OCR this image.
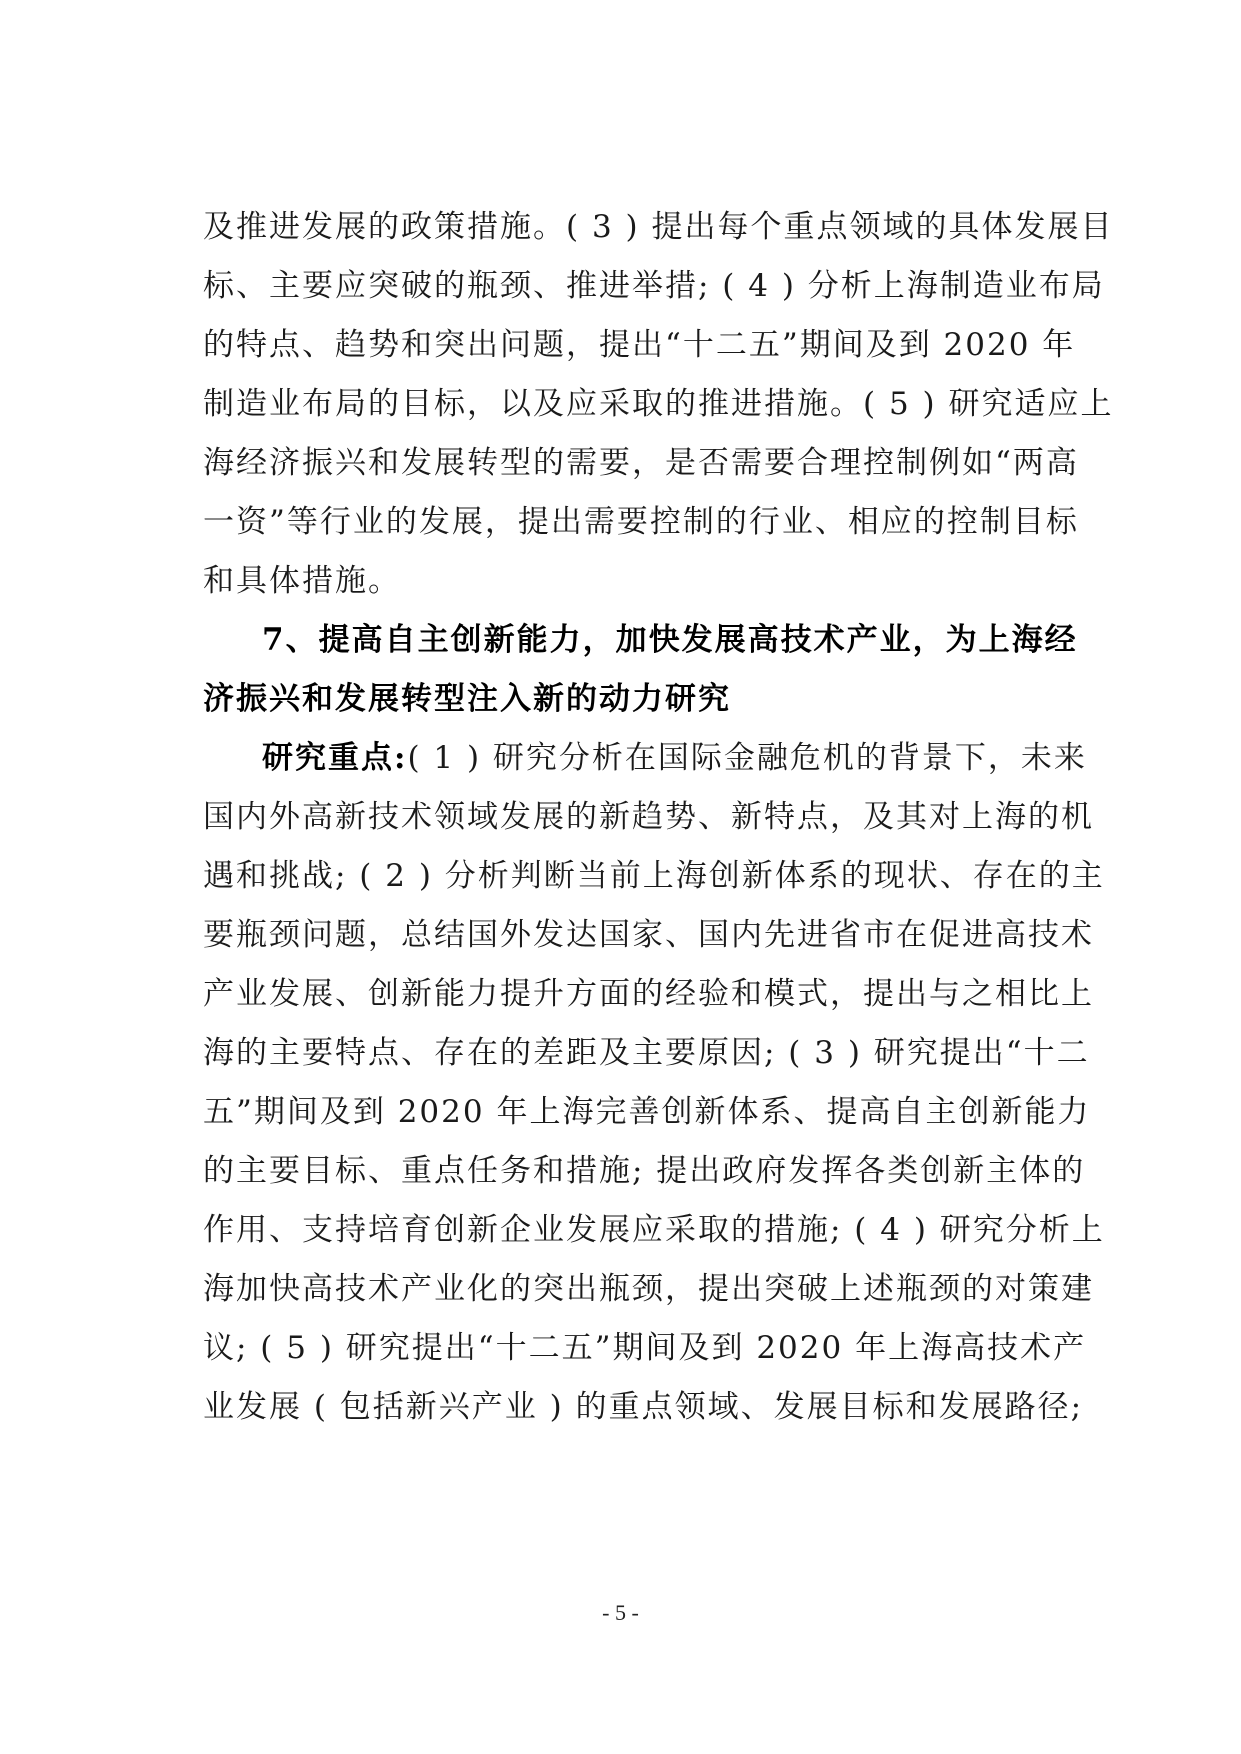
及推进发展的政策措施。( 3 ) 提出每个重点领域的具体发展目
标、主要应突破的瓶颈、推进举措; ( 4 ) 分析上海制造业布局
的特点、趋势和突出问题，提出“十二五”期间及到 2020 年
制造业布局的目标，以及应采取的推进措施。( 5 ) 研究适应上
海经济振兴和发展转型的需要，是否需要合理控制例如“两高
一资”等行业的发展，提出需要控制的行业、相应的控制目标
和具体措施。
7、提高自主创新能力，加快发展高技术产业，为上海经
济振兴和发展转型注入新的动力研究
研究重点:( 1 ) 研究分析在国际金融危机的背景下，未来
国内外高新技术领域发展的新趋势、新特点，及其对上海的机
遇和挑战; ( 2 ) 分析判断当前上海创新体系的现状、存在的主
要瓶颈问题，总结国外发达国家、国内先进省市在促进高技术
产业发展、创新能力提升方面的经验和模式，提出与之相比上
海的主要特点、存在的差距及主要原因; ( 3 ) 研究提出“十二
五”期间及到 2020 年上海完善创新体系、提高自主创新能力
的主要目标、重点任务和措施; 提出政府发挥各类创新主体的
作用、支持培育创新企业发展应采取的措施; ( 4 ) 研究分析上
海加快高技术产业化的突出瓶颈，提出突破上述瓶颈的对策建
议; ( 5 ) 研究提出“十二五”期间及到 2020 年上海高技术产
业发展 ( 包括新兴产业 ) 的重点领域、发展目标和发展路径;
- 5 -
